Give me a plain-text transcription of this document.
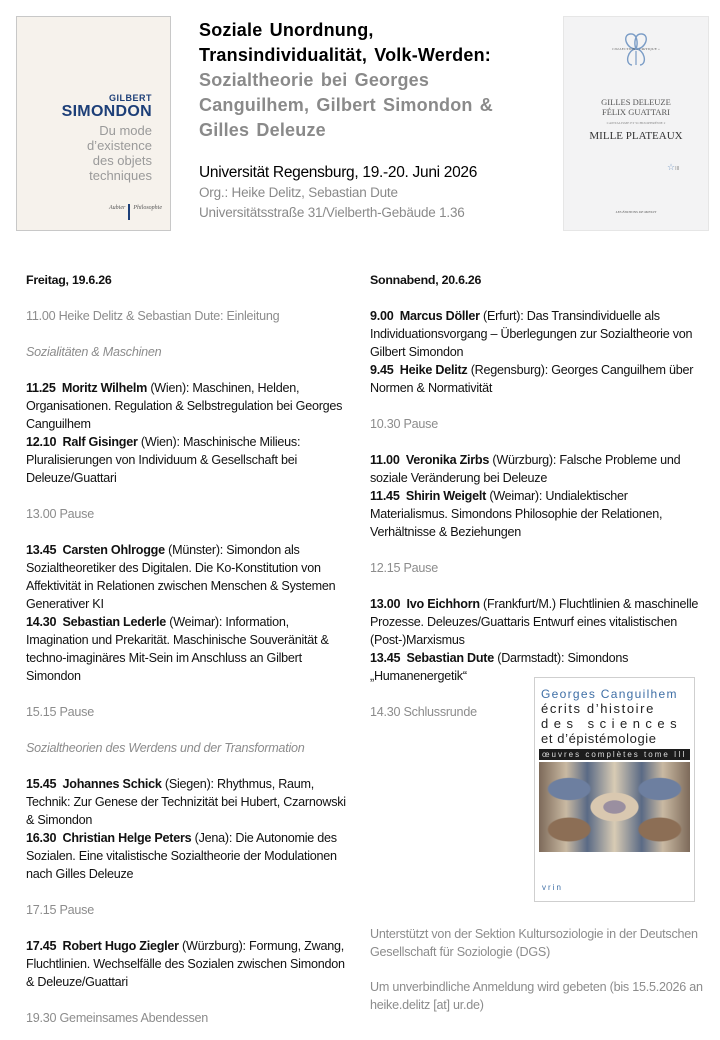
GILBERT
SIMONDON
Du mode
d’existence
des objets
techniques
Aubier Philosophie
Soziale Unordnung,
Transindividualität, Volk-Werden:
Sozialtheorie bei Georges
Canguilhem, Gilbert Simondon &
Gilles Deleuze
Universität Regensburg, 19.-20. Juni 2026
Org.: Heike Delitz, Sebastian Dute
Universitätsstraße 31/Vielberth-Gebäude 1.36
COLLECTION « CRITIQUE »
GILLES DELEUZE
FÉLIX GUATTARI
CAPITALISME ET SCHIZOPHRÉNIE 2
MILLE PLATEAUX
☆III
LES ÉDITIONS DE MINUIT
Freitag, 19.6.26
11.00 Heike Delitz & Sebastian Dute: Einleitung
Sozialitäten & Maschinen
11.25 Moritz Wilhelm (Wien): Maschinen, Helden, Organisationen. Regulation & Selbstregulation bei Georges Canguilhem
12.10 Ralf Gisinger (Wien): Maschinische Milieus: Pluralisierungen von Individuum & Gesellschaft bei Deleuze/Guattari
13.00 Pause
13.45 Carsten Ohlrogge (Münster): Simondon als Sozialtheoretiker des Digitalen. Die Ko-Konstitution von Affektivität in Relationen zwischen Menschen & Systemen Generativer KI
14.30 Sebastian Lederle (Weimar): Information, Imagination und Prekarität. Maschinische Souveränität & techno-imaginäres Mit-Sein im Anschluss an Gilbert Simondon
15.15 Pause
Sozialtheorien des Werdens und der Transformation
15.45 Johannes Schick (Siegen): Rhythmus, Raum, Technik: Zur Genese der Technizität bei Hubert, Czarnowski & Simondon
16.30 Christian Helge Peters (Jena): Die Autonomie des Sozialen. Eine vitalistische Sozialtheorie der Modulationen nach Gilles Deleuze
17.15 Pause
17.45 Robert Hugo Ziegler (Würzburg): Formung, Zwang, Fluchtlinien. Wechselfälle des Sozialen zwischen Simondon & Deleuze/Guattari
19.30 Gemeinsames Abendessen
Sonnabend, 20.6.26
9.00 Marcus Döller (Erfurt): Das Transindividuelle als Individuationsvorgang – Überlegungen zur Sozialtheorie von Gilbert Simondon
9.45 Heike Delitz (Regensburg): Georges Canguilhem über Normen & Normativität
10.30 Pause
11.00 Veronika Zirbs (Würzburg): Falsche Probleme und soziale Veränderung bei Deleuze
11.45 Shirin Weigelt (Weimar): Undialektischer Materialismus. Simondons Philosophie der Relationen, Verhältnisse & Beziehungen
12.15 Pause
13.00 Ivo Eichhorn (Frankfurt/M.) Fluchtlinien & maschinelle Prozesse. Deleuzes/Guattaris Entwurf eines vitalistischen (Post-)Marxismus
13.45 Sebastian Dute (Darmstadt): Simondons „Humanenergetik“
14.30 Schlussrunde
Georges Canguilhem
écrits d’histoire
des sciences
et d’épistémologie
œuvres complètes tome III
vrin
Unterstützt von der Sektion Kultursoziologie in der Deutschen Gesellschaft für Soziologie (DGS)
Um unverbindliche Anmeldung wird gebeten (bis 15.5.2026 an heike.delitz [at] ur.de)
